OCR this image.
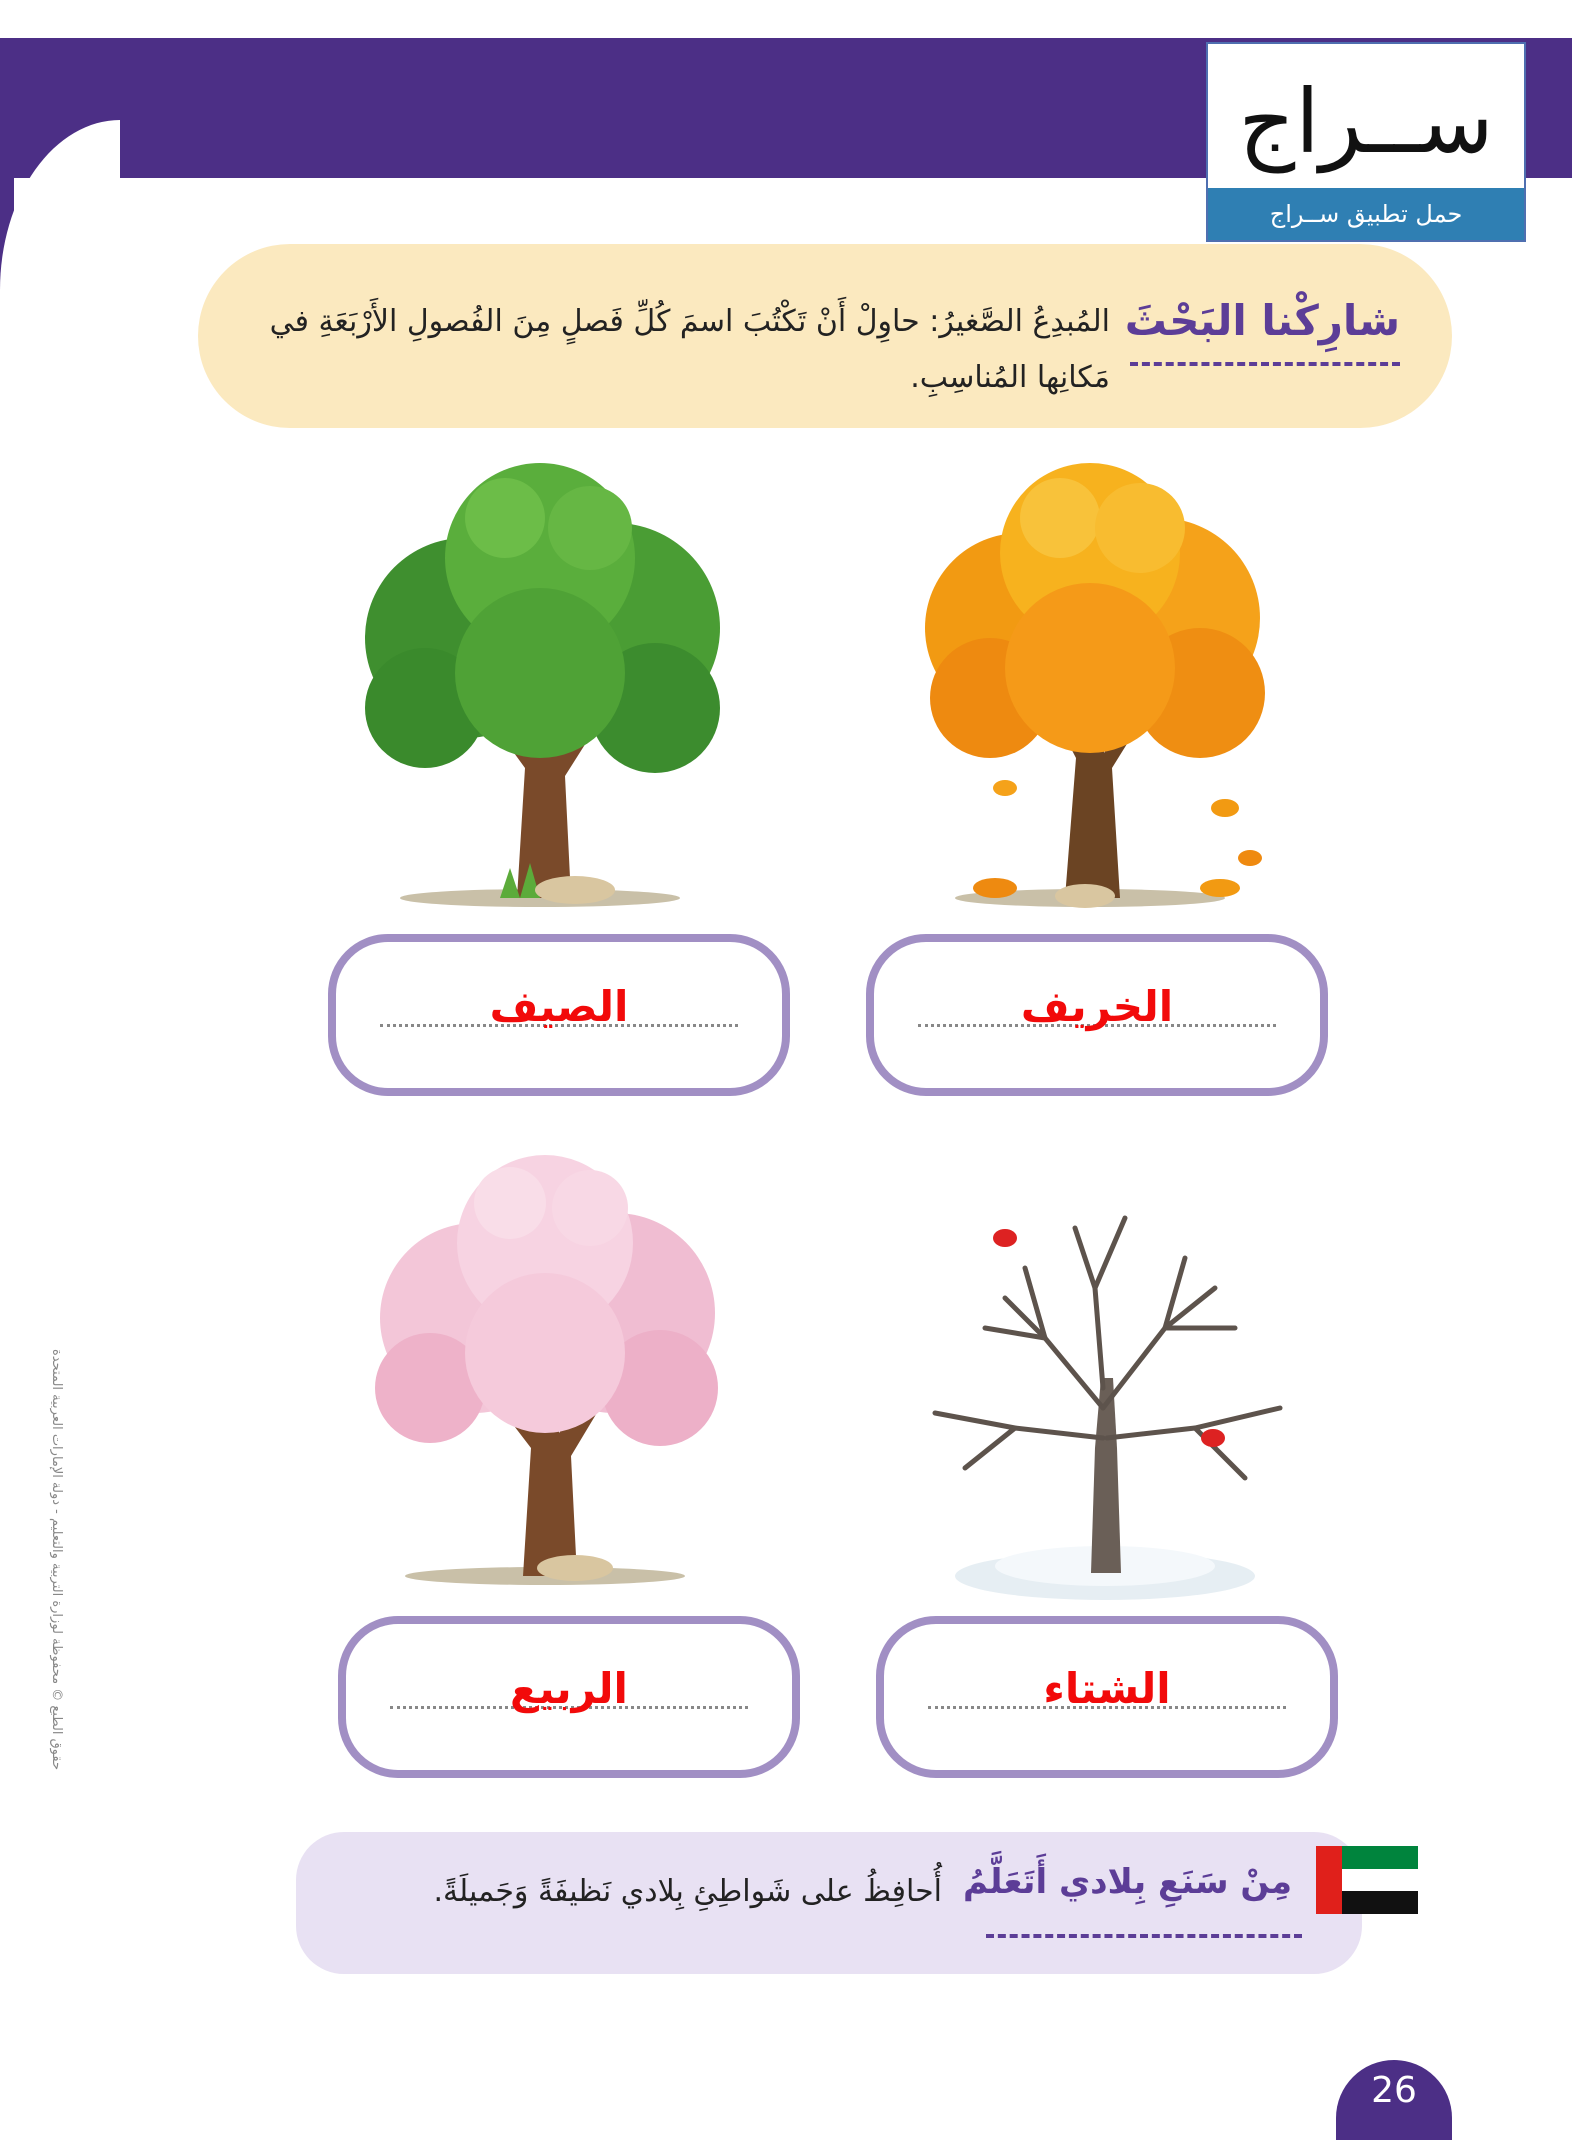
ســراج
حمل تطبيق ســراج
شارِكْنا البَحْثَ
المُبدِعُ الصَّغيرُ: حاوِلْ أَنْ تَكْتُبَ اسمَ كُلِّ فَصلٍ مِنَ الفُصولِ الأَرْبَعَةِ في مَكانِها المُناسِبِ.
الخريف
الصيف
الشتاء
الربيع
مِنْ سَنَعِ بِلادي أَتَعَلَّمُ
أُحافِظُ على شَواطِئِ بِلادي نَظيفَةً وَجَميلَةً.
حقوق الطبع © محفوظة لوزارة التربية والتعليم - دولة الإمارات العربية المتحدة
26
